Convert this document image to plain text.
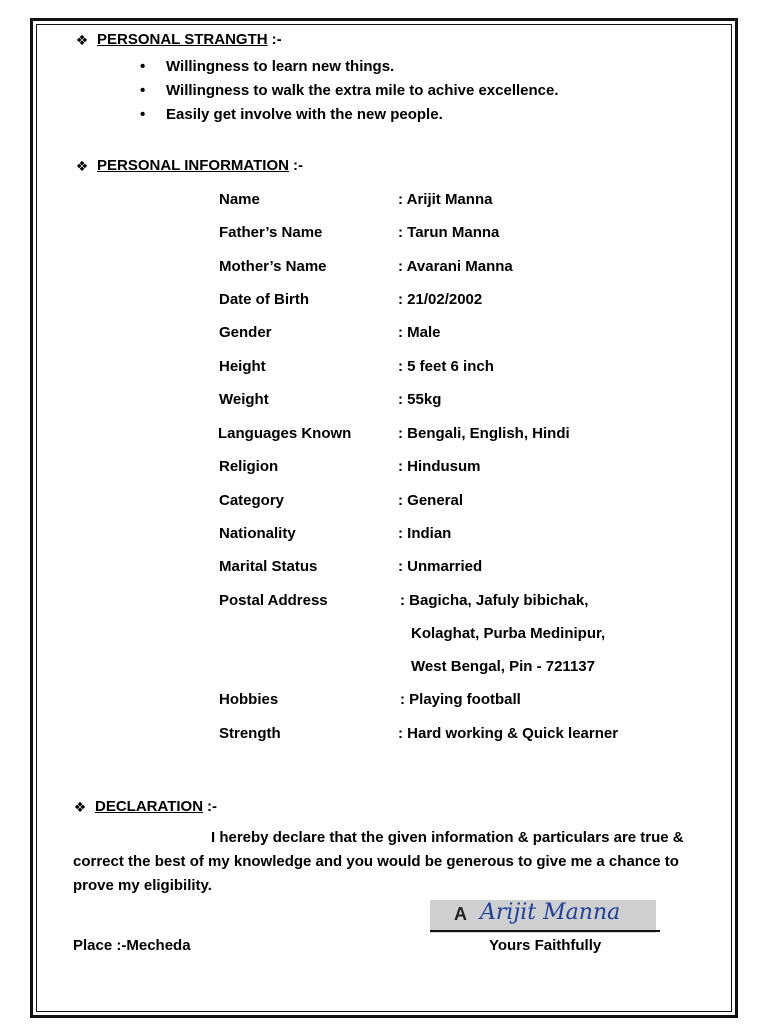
❖ PERSONAL STRANGTH :-
• Willingness to learn new things.
• Willingness to walk the extra mile to achive excellence.
• Easily get involve with the new people.
❖ PERSONAL INFORMATION :-
Name	: Arijit Manna
Father’s Name	: Tarun Manna
Mother’s Name	: Avarani Manna
Date of Birth	: 21/02/2002
Gender	: Male
Height	: 5 feet 6 inch
Weight	: 55kg
Languages Known	: Bengali, English, Hindi
Religion	: Hindusum
Category	: General
Nationality	: Indian
Marital Status	: Unmarried
Postal Address	: Bagicha, Jafuly bibichak,
Kolaghat, Purba Medinipur,
West Bengal, Pin - 721137
Hobbies	: Playing football
Strength	: Hard working & Quick learner
❖ DECLARATION :-
I hereby declare that the given information & particulars are true & correct the best of my knowledge and you would be generous to give me a chance to prove my eligibility.
A Arijit Manna
Place :-Mecheda	Yours Faithfully
